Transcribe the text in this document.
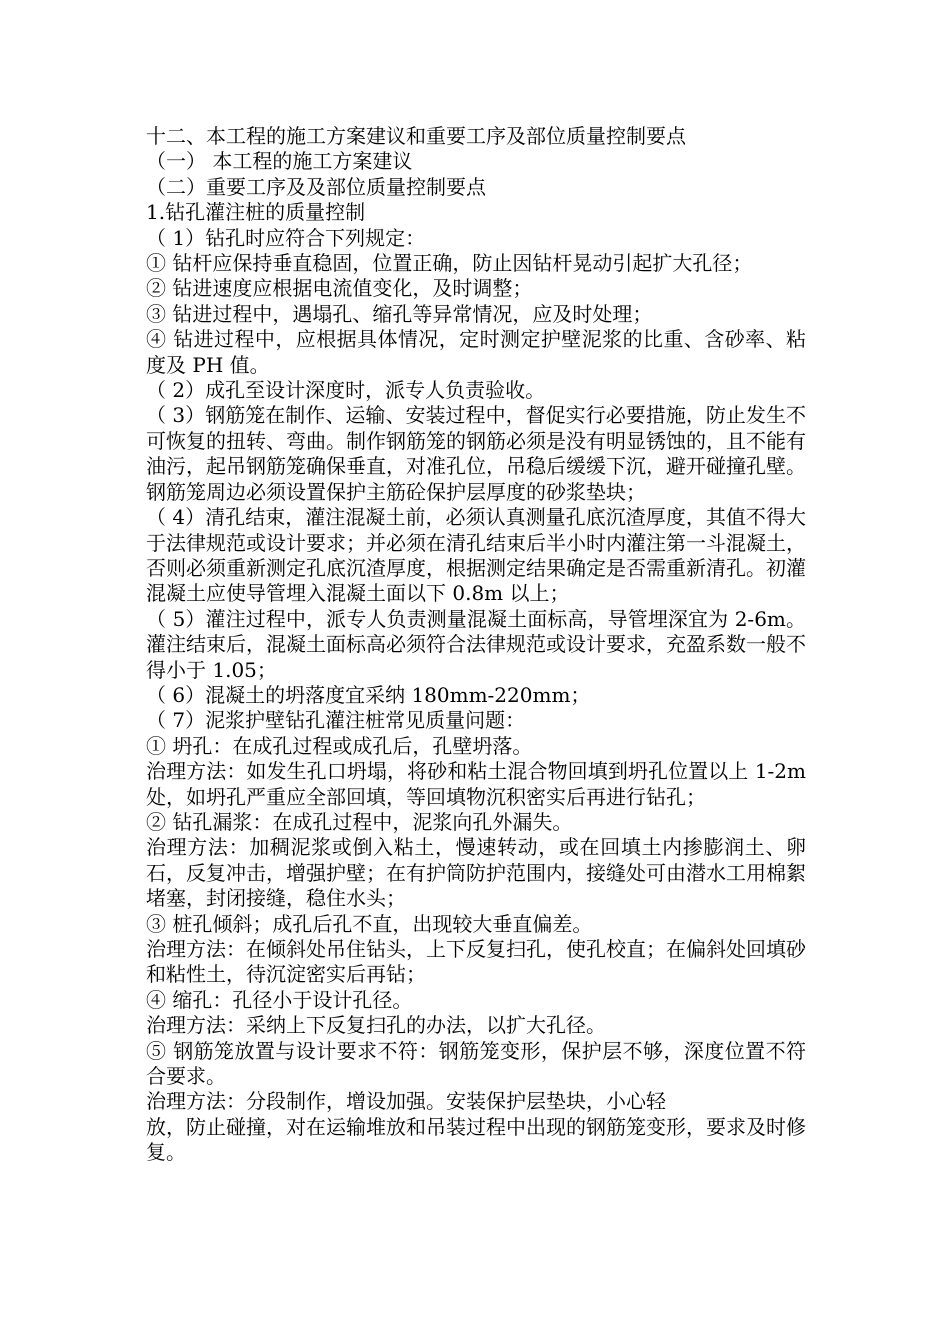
十二、本工程的施工方案建议和重要工序及部位质量控制要点

（一） 本工程的施工方案建议

（二）重要工序及及部位质量控制要点

1.钻孔灌注桩的质量控制

（ 1）钻孔时应符合下列规定：

① 钻杆应保持垂直稳固，位置正确，防止因钻杆晃动引起扩大孔径；

② 钻进速度应根据电流值变化，及时调整；

③ 钻进过程中，遇塌孔、缩孔等异常情况，应及时处理；

④ 钻进过程中，应根据具体情况，定时测定护壁泥浆的比重、含砂率、粘度及 PH 值。

（ 2）成孔至设计深度时，派专人负责验收。

（ 3）钢筋笼在制作、运输、安装过程中，督促实行必要措施，防止发生不可恢复的扭转、弯曲。制作钢筋笼的钢筋必须是没有明显锈蚀的，且不能有油污，起吊钢筋笼确保垂直，对准孔位，吊稳后缓缓下沉，避开碰撞孔壁。钢筋笼周边必须设置保护主筋砼保护层厚度的砂浆垫块；

（ 4）清孔结束，灌注混凝土前，必须认真测量孔底沉渣厚度，其值不得大于法律规范或设计要求；并必须在清孔结束后半小时内灌注第一斗混凝土，否则必须重新测定孔底沉渣厚度，根据测定结果确定是否需重新清孔。初灌混凝土应使导管埋入混凝土面以下 0.8m 以上；

（ 5）灌注过程中，派专人负责测量混凝土面标高，导管埋深宜为 2-6m。灌注结束后，混凝土面标高必须符合法律规范或设计要求，充盈系数一般不得小于 1.05；

（ 6）混凝土的坍落度宜采纳 180mm-220mm；

（ 7）泥浆护壁钻孔灌注桩常见质量问题：

① 坍孔：在成孔过程或成孔后，孔壁坍落。

治理方法：如发生孔口坍塌，将砂和粘土混合物回填到坍孔位置以上 1-2m 处，如坍孔严重应全部回填，等回填物沉积密实后再进行钻孔；

② 钻孔漏浆：在成孔过程中，泥浆向孔外漏失。

治理方法：加稠泥浆或倒入粘土，慢速转动，或在回填土内掺膨润土、卵石，反复冲击，增强护壁；在有护筒防护范围内，接缝处可由潜水工用棉絮堵塞，封闭接缝，稳住水头；

③ 桩孔倾斜；成孔后孔不直，出现较大垂直偏差。

治理方法：在倾斜处吊住钻头，上下反复扫孔，使孔校直；在偏斜处回填砂和粘性土，待沉淀密实后再钻；

④ 缩孔：孔径小于设计孔径。

治理方法：采纳上下反复扫孔的办法，以扩大孔径。

⑤ 钢筋笼放置与设计要求不符：钢筋笼变形，保护层不够，深度位置不符合要求。

治理方法：分段制作，增设加强。安装保护层垫块，小心轻

放，防止碰撞，对在运输堆放和吊装过程中出现的钢筋笼变形，要求及时修复。
